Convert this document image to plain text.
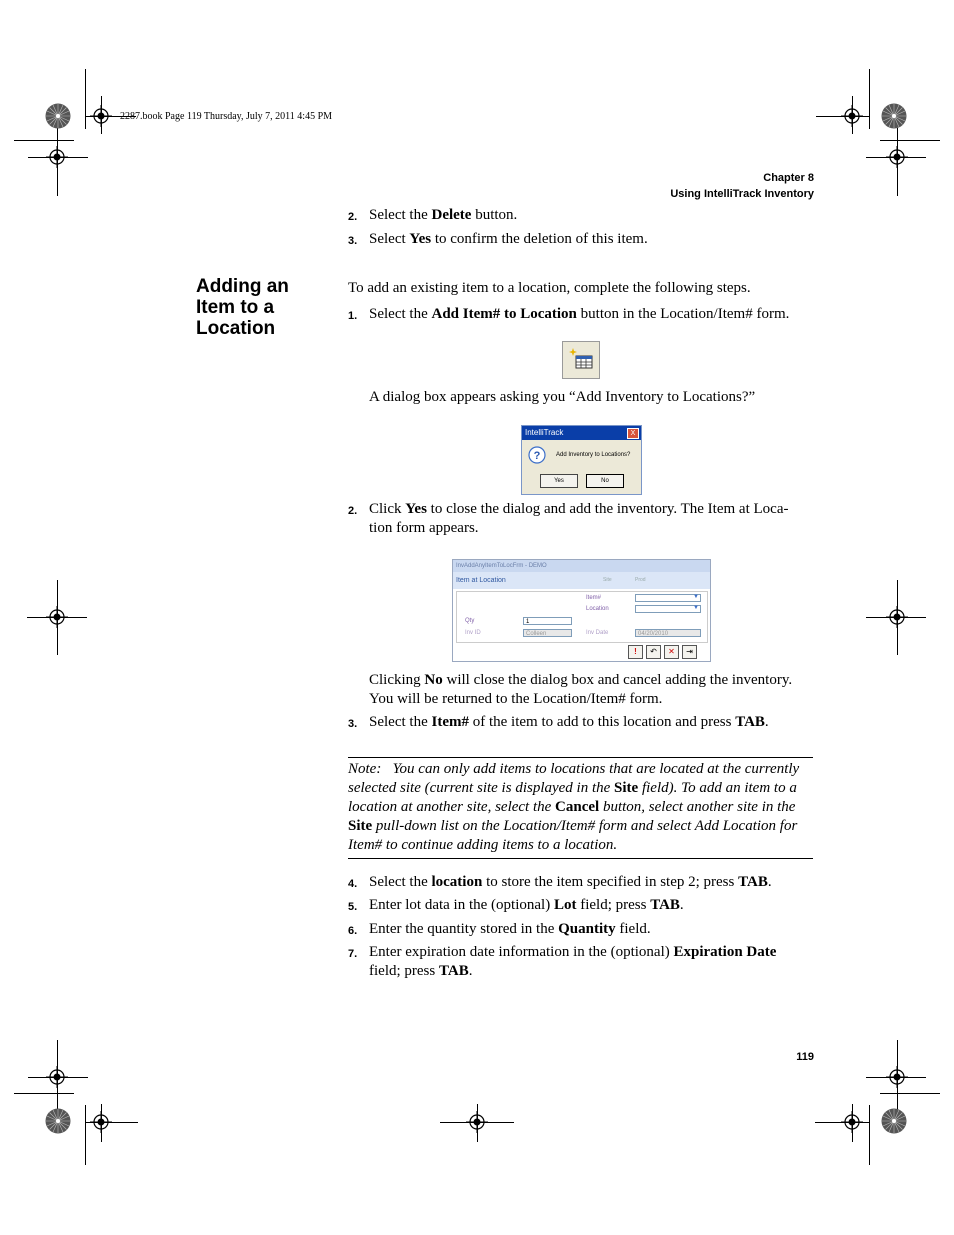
2287.book Page 119 Thursday, July 7, 2011 4:45 PM
Chapter 8
Using IntelliTrack Inventory
2. Select the Delete button.
3. Select Yes to confirm the deletion of this item.
Adding an
Item to a
Location
To add an existing item to a location, complete the following steps.
1. Select the Add Item# to Location button in the Location/Item# form.
A dialog box appears asking you “Add Inventory to Locations?”
IntelliTrack	X
?	Add Inventory to Locations?
Yes	No
2. Click Yes to close the dialog and add the inventory. The Item at Loca-
tion form appears.
InvAddAnyItemToLocFrm - DEMO
Item at Location	Site	Prod
Item#	▼
Location	▼
Qty	1
Inv ID	Colleen	Inv Date	04/20/2010
!	↶	✕	⇥
Clicking No will close the dialog box and cancel adding the inventory.
You will be returned to the Location/Item# form.
3. Select the Item# of the item to add to this location and press TAB.
Note: You can only add items to locations that are located at the currently selected site (current site is displayed in the Site field). To add an item to a location at another site, select the Cancel button, select another site in the Site pull-down list on the Location/Item# form and select Add Location for Item# to continue adding items to a location.
4. Select the location to store the item specified in step 2; press TAB.
5. Enter lot data in the (optional) Lot field; press TAB.
6. Enter the quantity stored in the Quantity field.
7. Enter expiration date information in the (optional) Expiration Date
field; press TAB.
119
